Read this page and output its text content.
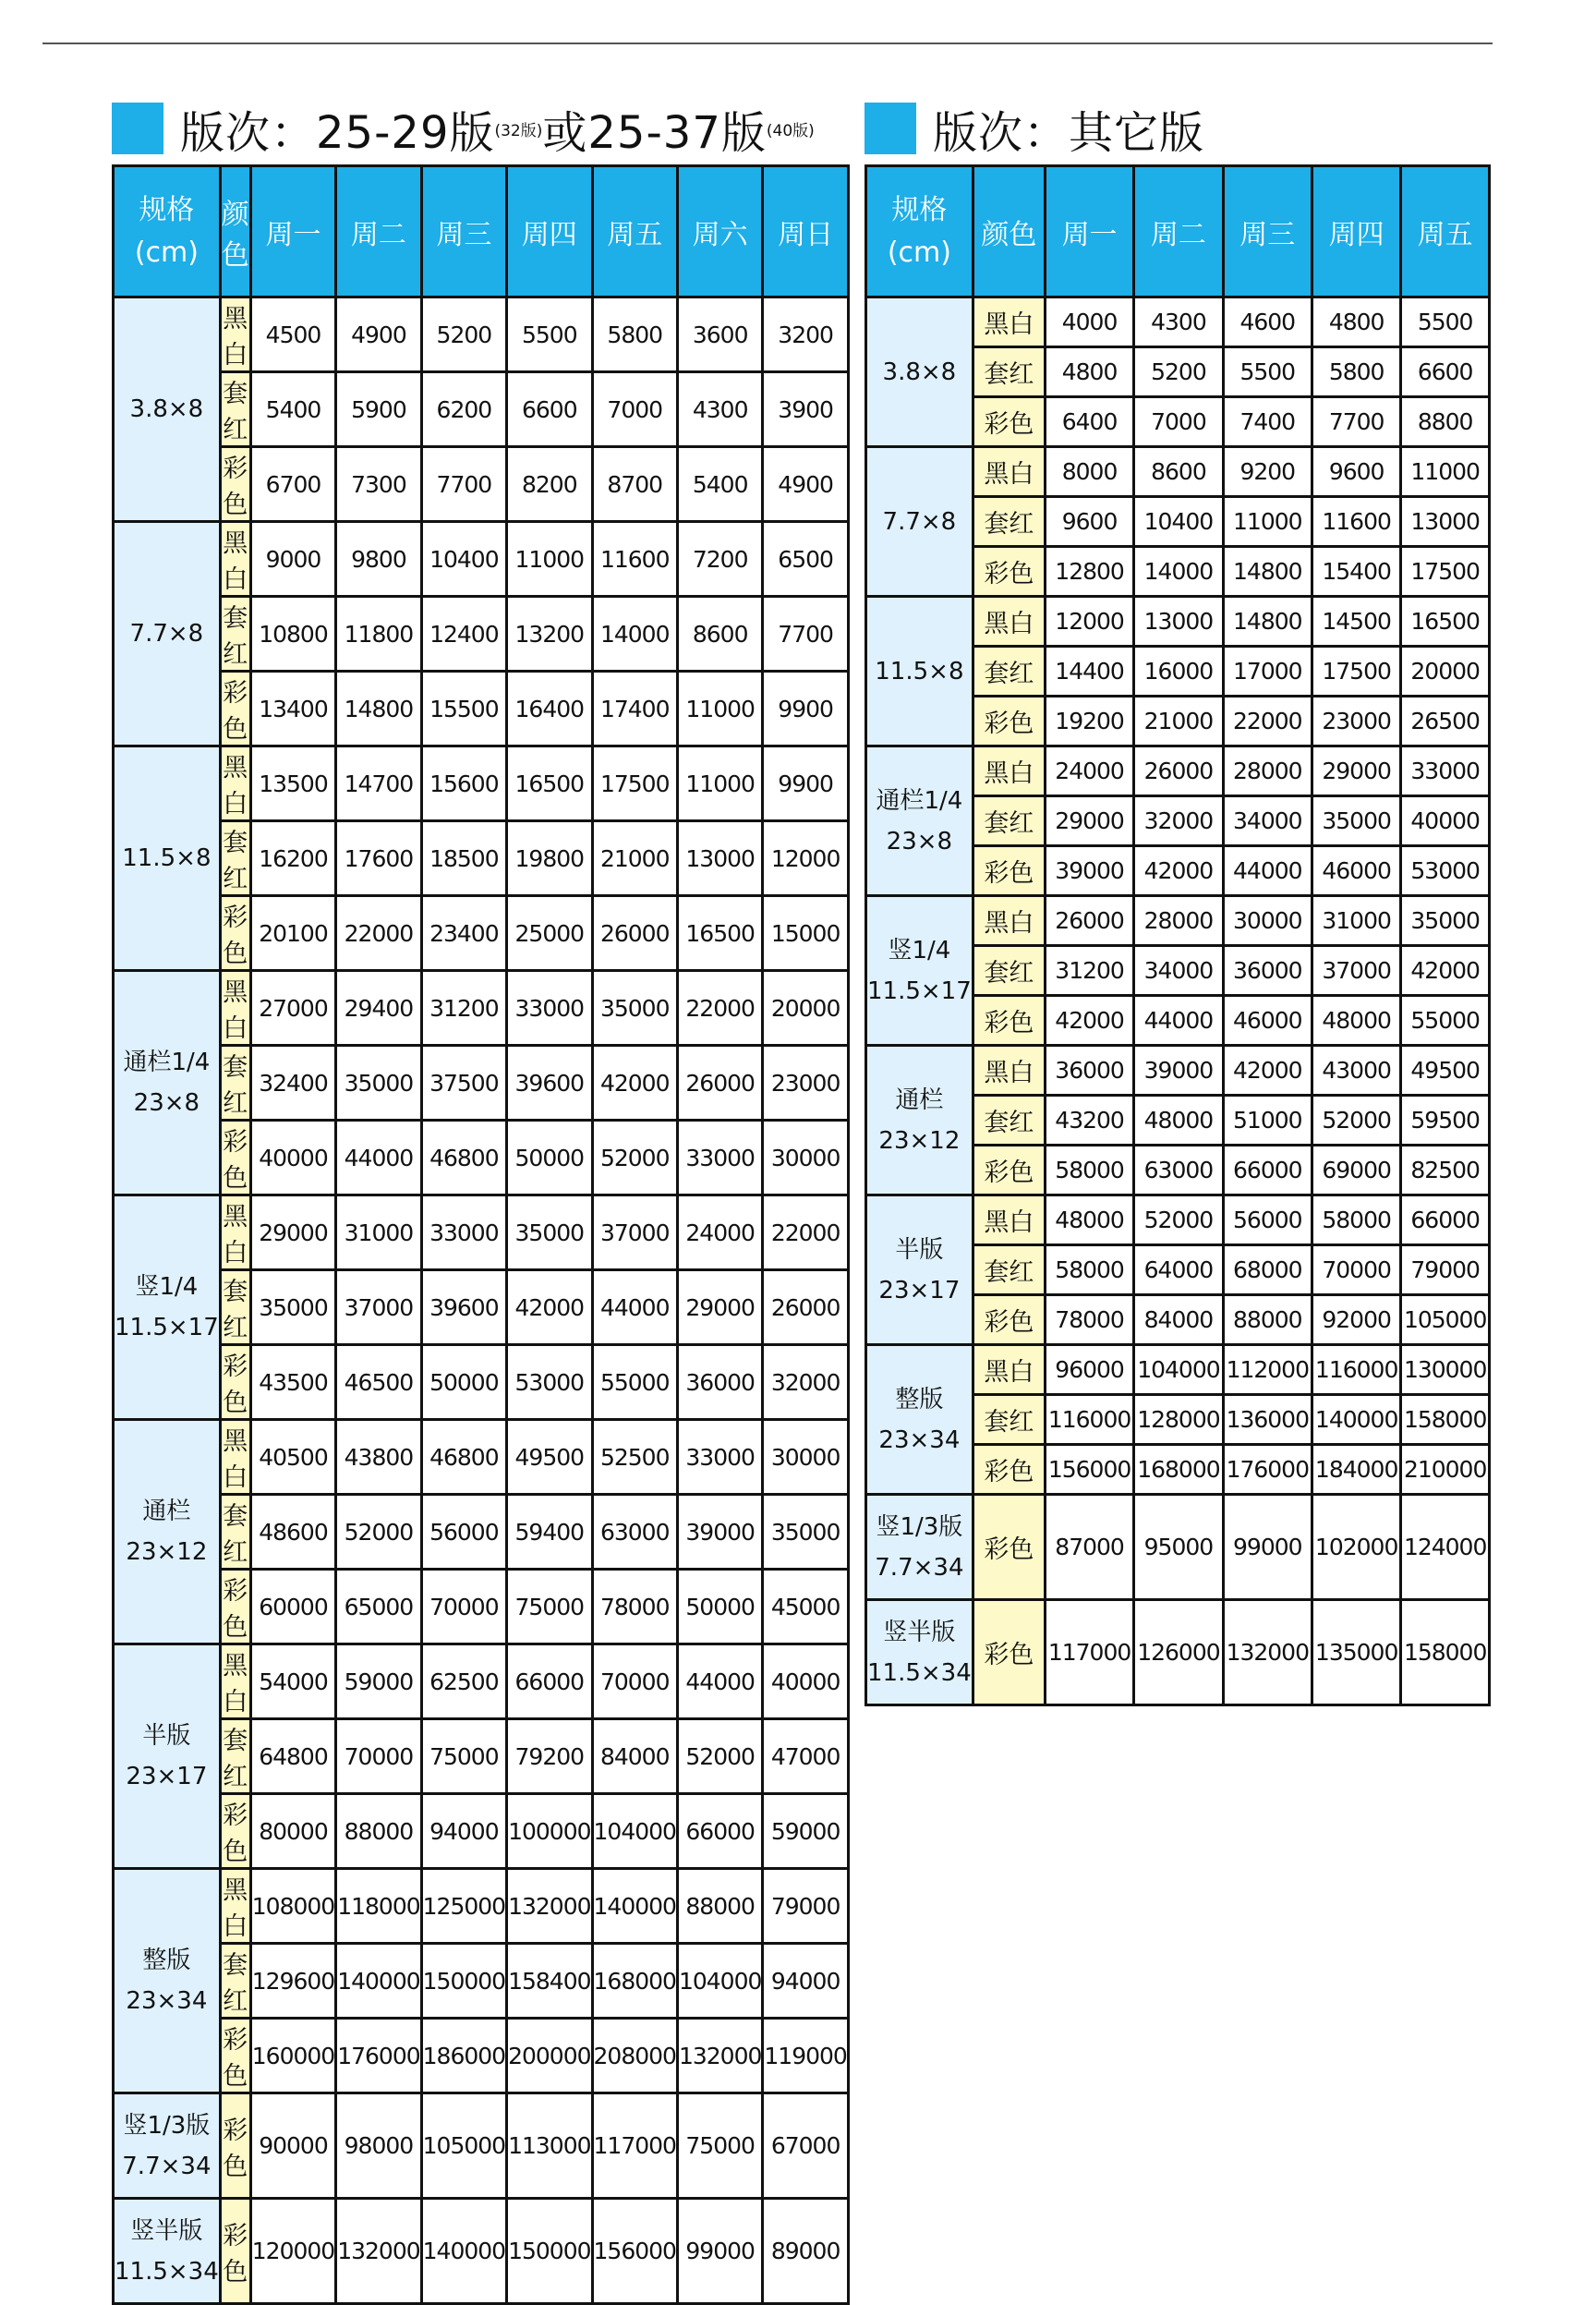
版次：25-29版 (32版) 或25-37版 (40版)
规格
(cm)	颜色	周一	周二	周三	周四	周五	周六	周日
3.8×8	黑白	4500	4900	5200	5500	5800	3600	3200
	套红	5400	5900	6200	6600	7000	4300	3900
	彩色	6700	7300	7700	8200	8700	5400	4900
7.7×8	黑白	9000	9800	10400	11000	11600	7200	6500
	套红	10800	11800	12400	13200	14000	8600	7700
	彩色	13400	14800	15500	16400	17400	11000	9900
11.5×8	黑白	13500	14700	15600	16500	17500	11000	9900
	套红	16200	17600	18500	19800	21000	13000	12000
	彩色	20100	22000	23400	25000	26000	16500	15000
通栏1/4
23×8	黑白	27000	29400	31200	33000	35000	22000	20000
	套红	32400	35000	37500	39600	42000	26000	23000
	彩色	40000	44000	46800	50000	52000	33000	30000
竖1/4
11.5×17	黑白	29000	31000	33000	35000	37000	24000	22000
	套红	35000	37000	39600	42000	44000	29000	26000
	彩色	43500	46500	50000	53000	55000	36000	32000
通栏
23×12	黑白	40500	43800	46800	49500	52500	33000	30000
	套红	48600	52000	56000	59400	63000	39000	35000
	彩色	60000	65000	70000	75000	78000	50000	45000
半版
23×17	黑白	54000	59000	62500	66000	70000	44000	40000
	套红	64800	70000	75000	79200	84000	52000	47000
	彩色	80000	88000	94000	100000	104000	66000	59000
整版
23×34	黑白	108000	118000	125000	132000	140000	88000	79000
	套红	129600	140000	150000	158400	168000	104000	94000
	彩色	160000	176000	186000	200000	208000	132000	119000
竖1/3版
7.7×34	彩色	90000	98000	105000	113000	117000	75000	67000
竖半版
11.5×34	彩色	120000	132000	140000	150000	156000	99000	89000
版次：其它版
规格
(cm)	颜色	周一	周二	周三	周四	周五
3.8×8	黑白	4000	4300	4600	4800	5500
	套红	4800	5200	5500	5800	6600
	彩色	6400	7000	7400	7700	8800
7.7×8	黑白	8000	8600	9200	9600	11000
	套红	9600	10400	11000	11600	13000
	彩色	12800	14000	14800	15400	17500
11.5×8	黑白	12000	13000	14800	14500	16500
	套红	14400	16000	17000	17500	20000
	彩色	19200	21000	22000	23000	26500
通栏1/4
23×8	黑白	24000	26000	28000	29000	33000
	套红	29000	32000	34000	35000	40000
	彩色	39000	42000	44000	46000	53000
竖1/4
11.5×17	黑白	26000	28000	30000	31000	35000
	套红	31200	34000	36000	37000	42000
	彩色	42000	44000	46000	48000	55000
通栏
23×12	黑白	36000	39000	42000	43000	49500
	套红	43200	48000	51000	52000	59500
	彩色	58000	63000	66000	69000	82500
半版
23×17	黑白	48000	52000	56000	58000	66000
	套红	58000	64000	68000	70000	79000
	彩色	78000	84000	88000	92000	105000
整版
23×34	黑白	96000	104000	112000	116000	130000
	套红	116000	128000	136000	140000	158000
	彩色	156000	168000	176000	184000	210000
竖1/3版
7.7×34	彩色	87000	95000	99000	102000	124000
竖半版
11.5×34	彩色	117000	126000	132000	135000	158000
